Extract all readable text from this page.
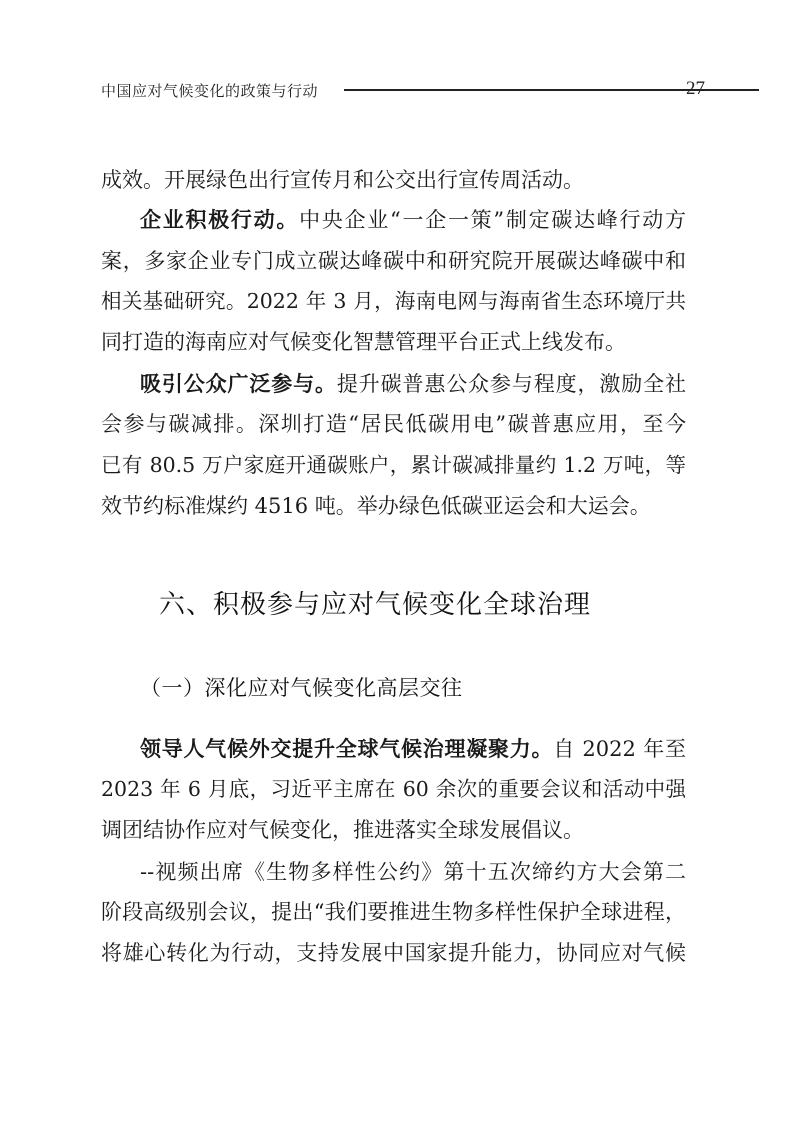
中国应对气候变化的政策与行动	27
成效。开展绿色出行宣传月和公交出行宣传周活动。
企业积极行动。中央企业“一企一策”制定碳达峰行动方
案，多家企业专门成立碳达峰碳中和研究院开展碳达峰碳中和
相关基础研究。2022 年 3 月，海南电网与海南省生态环境厅共
同打造的海南应对气候变化智慧管理平台正式上线发布。
吸引公众广泛参与。提升碳普惠公众参与程度，激励全社
会参与碳减排。深圳打造“居民低碳用电”碳普惠应用，至今
已有 80.5 万户家庭开通碳账户，累计碳减排量约 1.2 万吨，等
效节约标准煤约 4516 吨。举办绿色低碳亚运会和大运会。
六、积极参与应对气候变化全球治理
（一）深化应对气候变化高层交往
领导人气候外交提升全球气候治理凝聚力。自 2022 年至
2023 年 6 月底，习近平主席在 60 余次的重要会议和活动中强
调团结协作应对气候变化，推进落实全球发展倡议。
--视频出席《生物多样性公约》第十五次缔约方大会第二
阶段高级别会议，提出“我们要推进生物多样性保护全球进程，
将雄心转化为行动，支持发展中国家提升能力，协同应对气候
